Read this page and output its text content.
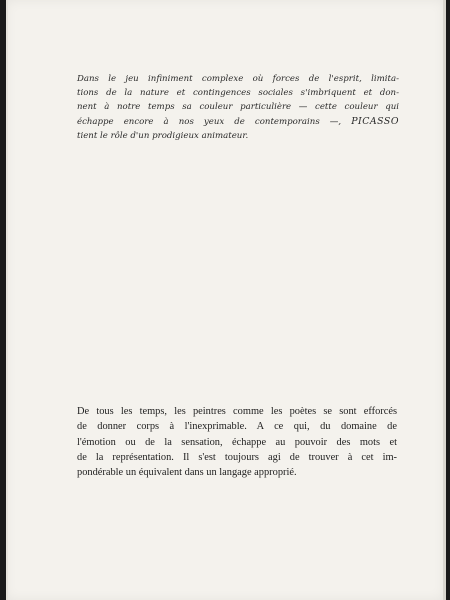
Dans le jeu infiniment complexe où forces de l'esprit, limita-
tions de la nature et contingences sociales s'imbriquent et don-
nent à notre temps sa couleur particulière — cette couleur qui
échappe encore à nos yeux de contemporains —, PICASSO
tient le rôle d'un prodigieux animateur.

De tous les temps, les peintres comme les poètes se sont efforcés
de donner corps à l'inexprimable. A ce qui, du domaine de
l'émotion ou de la sensation, échappe au pouvoir des mots et
de la représentation. Il s'est toujours agi de trouver à cet im-
pondérable un équivalent dans un langage approprié.
